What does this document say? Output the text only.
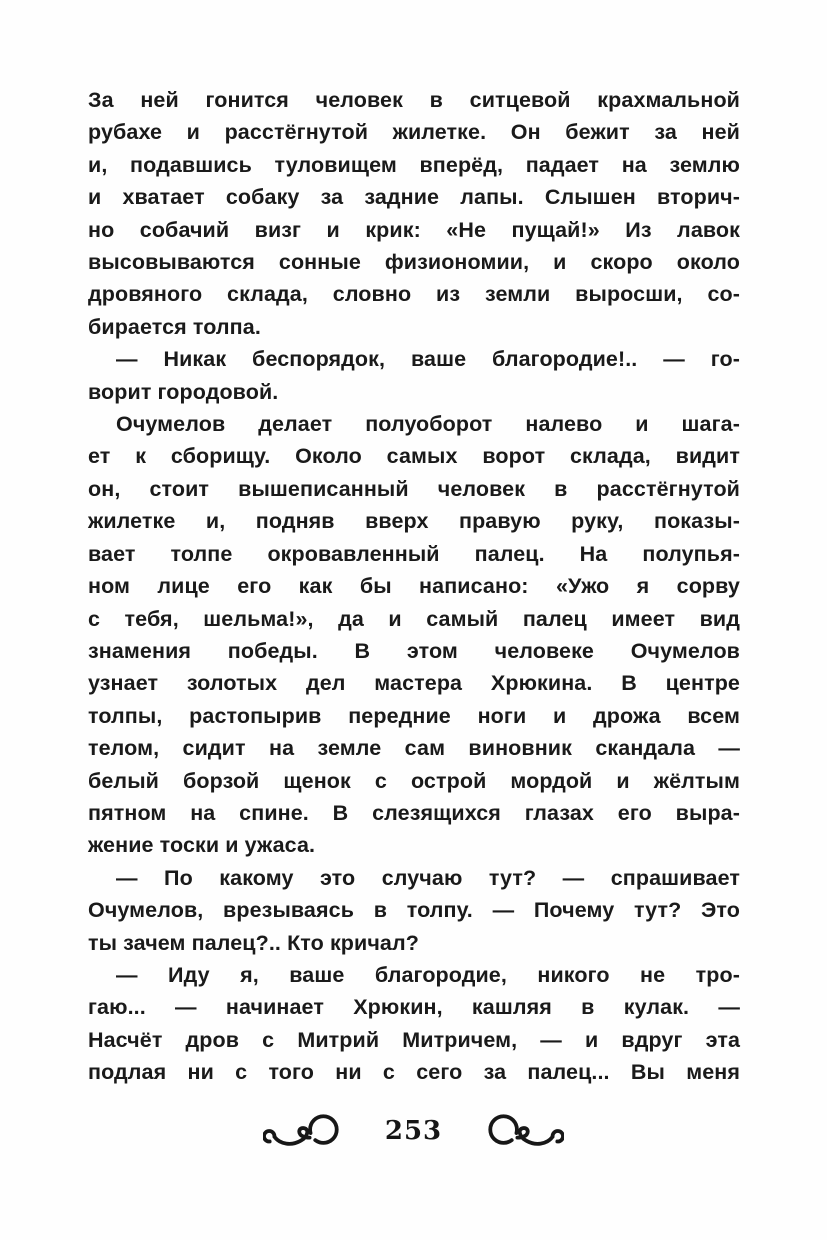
За ней гонится человек в ситцевой крахмальной
рубахе и расстёгнутой жилетке. Он бежит за ней
и, подавшись туловищем вперёд, падает на землю
и хватает собаку за задние лапы. Слышен вторич-
но собачий визг и крик: «Не пущай!» Из лавок
высовываются сонные физиономии, и скоро около
дровяного склада, словно из земли выросши, со-
бирается толпа.
— Никак беспорядок, ваше благородие!.. — го-
ворит городовой.
Очумелов делает полуоборот налево и шага-
ет к сборищу. Около самых ворот склада, видит
он, стоит вышеписанный человек в расстёгнутой
жилетке и, подняв вверх правую руку, показы-
вает толпе окровавленный палец. На полупья-
ном лице его как бы написано: «Ужо я сорву
с тебя, шельма!», да и самый палец имеет вид
знамения победы. В этом человеке Очумелов
узнает золотых дел мастера Хрюкина. В центре
толпы, растопырив передние ноги и дрожа всем
телом, сидит на земле сам виновник скандала —
белый борзой щенок с острой мордой и жёлтым
пятном на спине. В слезящихся глазах его выра-
жение тоски и ужаса.
— По какому это случаю тут? — спрашивает
Очумелов, врезываясь в толпу. — Почему тут? Это
ты зачем палец?.. Кто кричал?
— Иду я, ваше благородие, никого не тро-
гаю... — начинает Хрюкин, кашляя в кулак. —
Насчёт дров с Митрий Митричем, — и вдруг эта
подлая ни с того ни с сего за палец... Вы меня
253
